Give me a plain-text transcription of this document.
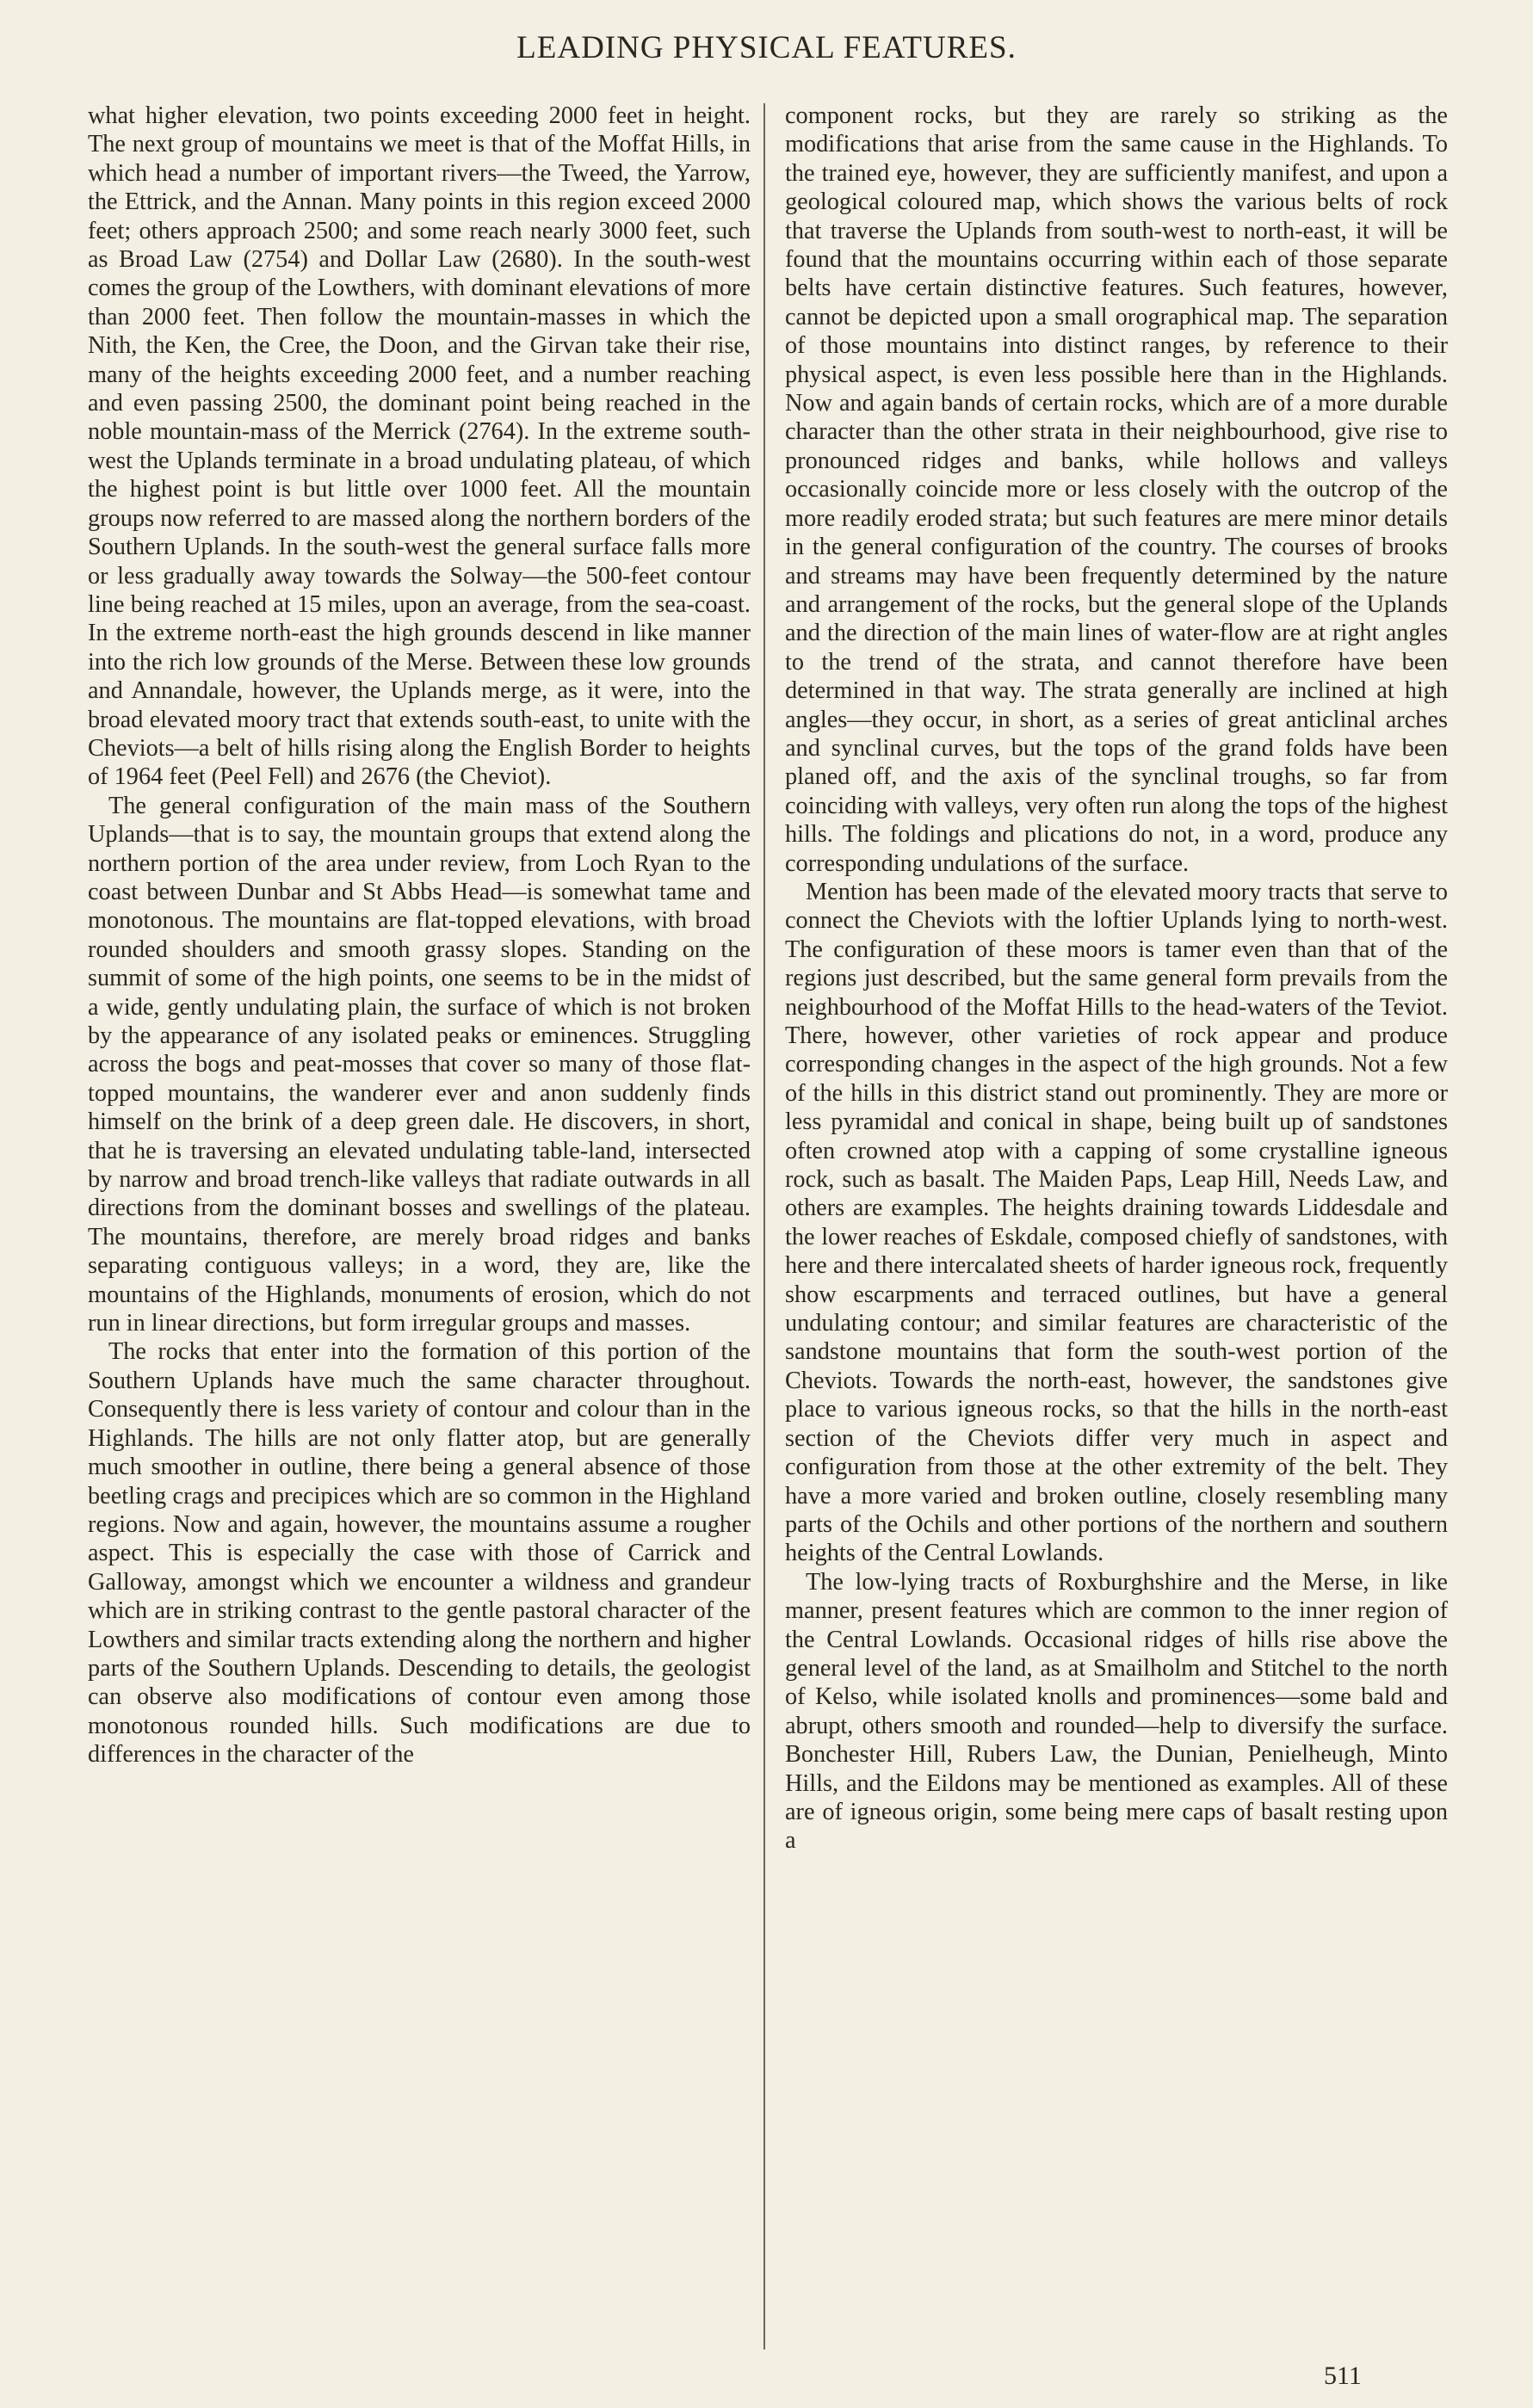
LEADING PHYSICAL FEATURES.

what higher elevation, two points exceeding 2000 feet in height. The next group of mountains we meet is that of the Moffat Hills, in which head a number of important rivers—the Tweed, the Yarrow, the Ettrick, and the Annan. Many points in this region exceed 2000 feet; others approach 2500; and some reach nearly 3000 feet, such as Broad Law (2754) and Dollar Law (2680). In the south-west comes the group of the Lowthers, with dominant elevations of more than 2000 feet. Then follow the mountain-masses in which the Nith, the Ken, the Cree, the Doon, and the Girvan take their rise, many of the heights exceeding 2000 feet, and a number reaching and even passing 2500, the dominant point being reached in the noble mountain-mass of the Merrick (2764). In the extreme south-west the Uplands terminate in a broad undulating plateau, of which the highest point is but little over 1000 feet. All the mountain groups now referred to are massed along the northern borders of the Southern Uplands. In the south-west the general surface falls more or less gradually away towards the Solway—the 500-feet contour line being reached at 15 miles, upon an average, from the sea-coast. In the extreme north-east the high grounds descend in like manner into the rich low grounds of the Merse. Between these low grounds and Annandale, however, the Uplands merge, as it were, into the broad elevated moory tract that extends south-east, to unite with the Cheviots—a belt of hills rising along the English Border to heights of 1964 feet (Peel Fell) and 2676 (the Cheviot).

The general configuration of the main mass of the Southern Uplands—that is to say, the mountain groups that extend along the northern portion of the area under review, from Loch Ryan to the coast between Dunbar and St Abbs Head—is somewhat tame and monotonous. The mountains are flat-topped elevations, with broad rounded shoulders and smooth grassy slopes. Standing on the summit of some of the high points, one seems to be in the midst of a wide, gently undulating plain, the surface of which is not broken by the appearance of any isolated peaks or eminences. Struggling across the bogs and peat-mosses that cover so many of those flat-topped mountains, the wanderer ever and anon suddenly finds himself on the brink of a deep green dale. He discovers, in short, that he is traversing an elevated undulating table-land, intersected by narrow and broad trench-like valleys that radiate outwards in all directions from the dominant bosses and swellings of the plateau. The mountains, therefore, are merely broad ridges and banks separating contiguous valleys; in a word, they are, like the mountains of the Highlands, monuments of erosion, which do not run in linear directions, but form irregular groups and masses.

The rocks that enter into the formation of this portion of the Southern Uplands have much the same character throughout. Consequently there is less variety of contour and colour than in the Highlands. The hills are not only flatter atop, but are generally much smoother in outline, there being a general absence of those beetling crags and precipices which are so common in the Highland regions. Now and again, however, the mountains assume a rougher aspect. This is especially the case with those of Carrick and Galloway, amongst which we encounter a wildness and grandeur which are in striking contrast to the gentle pastoral character of the Lowthers and similar tracts extending along the northern and higher parts of the Southern Uplands. Descending to details, the geologist can observe also modifications of contour even among those monotonous rounded hills. Such modifications are due to differences in the character of the

component rocks, but they are rarely so striking as the modifications that arise from the same cause in the Highlands. To the trained eye, however, they are sufficiently manifest, and upon a geological coloured map, which shows the various belts of rock that traverse the Uplands from south-west to north-east, it will be found that the mountains occurring within each of those separate belts have certain distinctive features. Such features, however, cannot be depicted upon a small orographical map. The separation of those mountains into distinct ranges, by reference to their physical aspect, is even less possible here than in the Highlands. Now and again bands of certain rocks, which are of a more durable character than the other strata in their neighbourhood, give rise to pronounced ridges and banks, while hollows and valleys occasionally coincide more or less closely with the outcrop of the more readily eroded strata; but such features are mere minor details in the general configuration of the country. The courses of brooks and streams may have been frequently determined by the nature and arrangement of the rocks, but the general slope of the Uplands and the direction of the main lines of water-flow are at right angles to the trend of the strata, and cannot therefore have been determined in that way. The strata generally are inclined at high angles—they occur, in short, as a series of great anticlinal arches and synclinal curves, but the tops of the grand folds have been planed off, and the axis of the synclinal troughs, so far from coinciding with valleys, very often run along the tops of the highest hills. The foldings and plications do not, in a word, produce any corresponding undulations of the surface.

Mention has been made of the elevated moory tracts that serve to connect the Cheviots with the loftier Uplands lying to north-west. The configuration of these moors is tamer even than that of the regions just described, but the same general form prevails from the neighbourhood of the Moffat Hills to the head-waters of the Teviot. There, however, other varieties of rock appear and produce corresponding changes in the aspect of the high grounds. Not a few of the hills in this district stand out prominently. They are more or less pyramidal and conical in shape, being built up of sandstones often crowned atop with a capping of some crystalline igneous rock, such as basalt. The Maiden Paps, Leap Hill, Needs Law, and others are examples. The heights draining towards Liddesdale and the lower reaches of Eskdale, composed chiefly of sandstones, with here and there intercalated sheets of harder igneous rock, frequently show escarpments and terraced outlines, but have a general undulating contour; and similar features are characteristic of the sandstone mountains that form the south-west portion of the Cheviots. Towards the north-east, however, the sandstones give place to various igneous rocks, so that the hills in the north-east section of the Cheviots differ very much in aspect and configuration from those at the other extremity of the belt. They have a more varied and broken outline, closely resembling many parts of the Ochils and other portions of the northern and southern heights of the Central Lowlands.

The low-lying tracts of Roxburghshire and the Merse, in like manner, present features which are common to the inner region of the Central Lowlands. Occasional ridges of hills rise above the general level of the land, as at Smailholm and Stitchel to the north of Kelso, while isolated knolls and prominences—some bald and abrupt, others smooth and rounded—help to diversify the surface. Bonchester Hill, Rubers Law, the Dunian, Penielheugh, Minto Hills, and the Eildons may be mentioned as examples. All of these are of igneous origin, some being mere caps of basalt resting upon a

511
